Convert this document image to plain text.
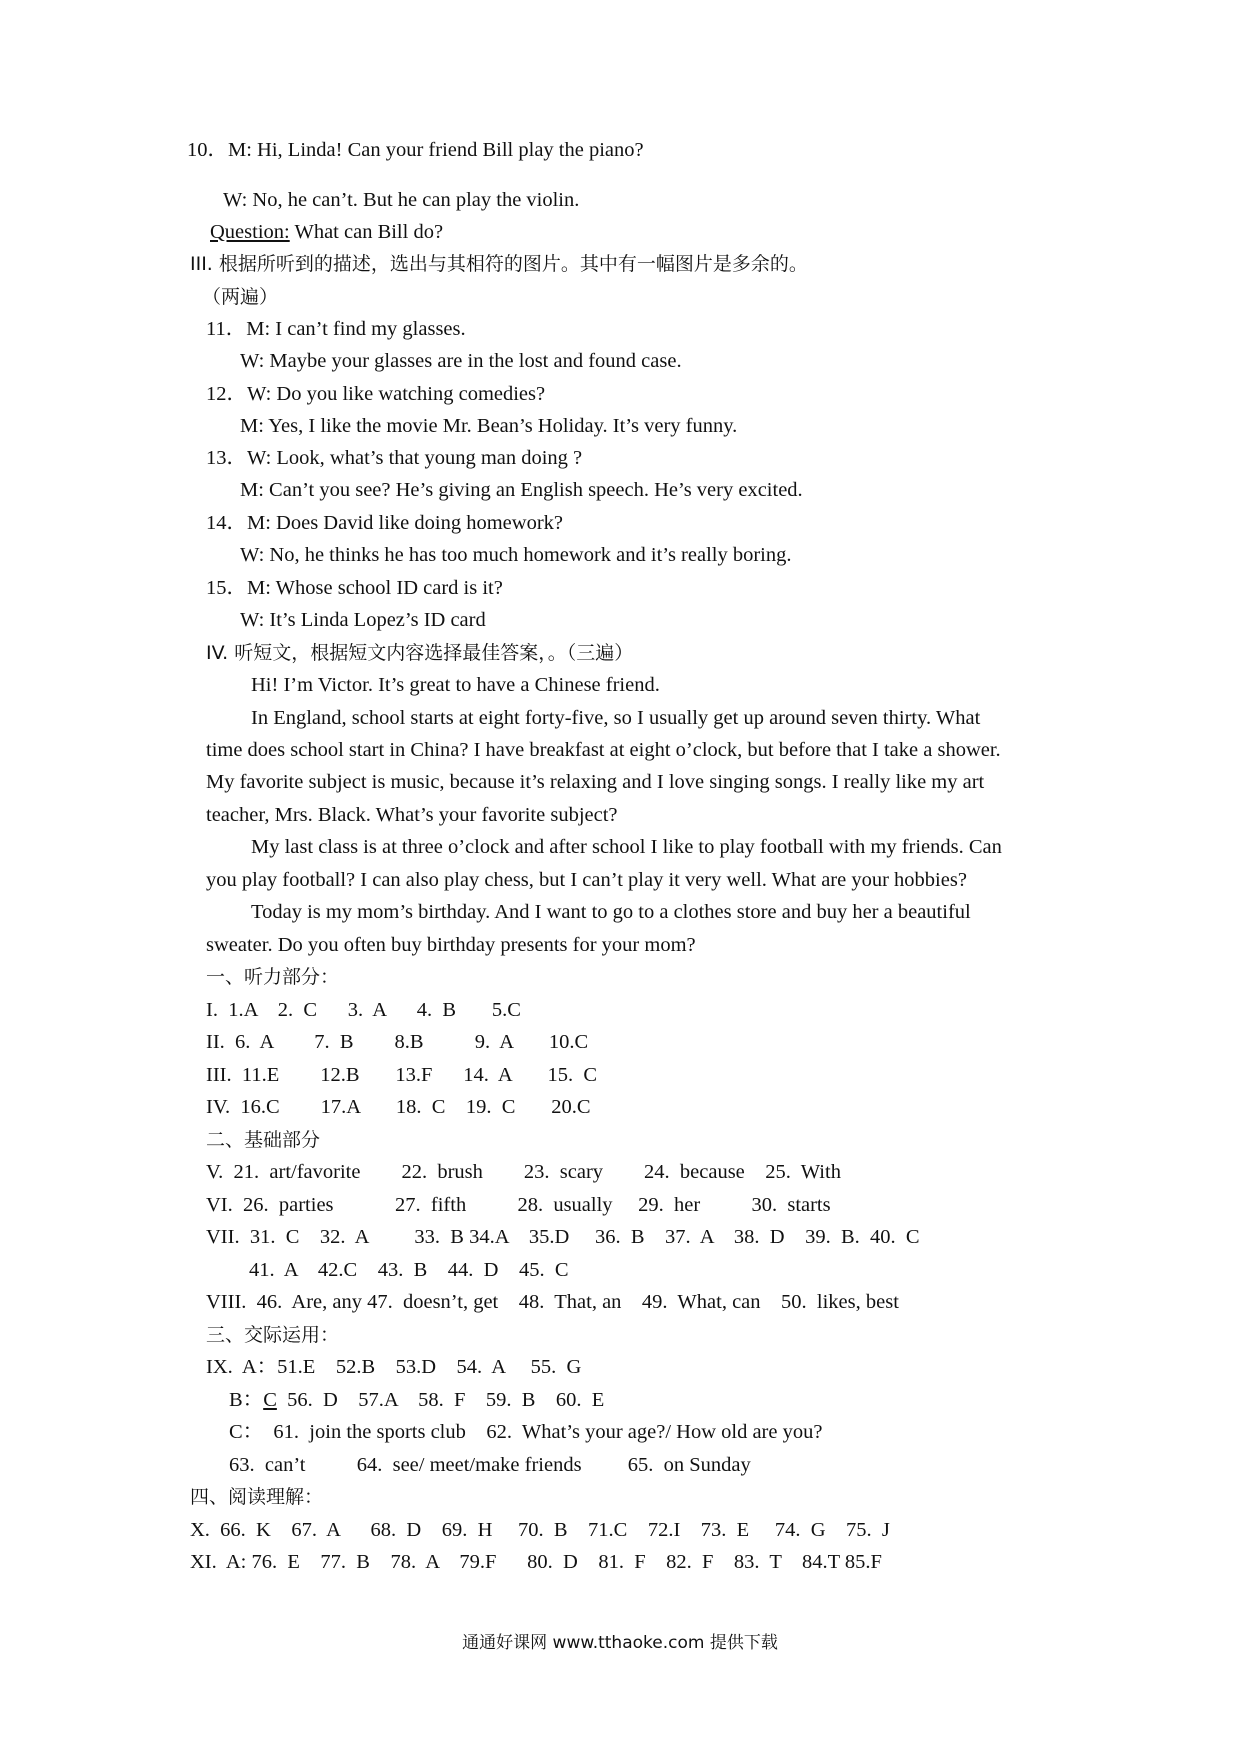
10．M: Hi, Linda! Can your friend Bill play the piano?
W: No, he can’t. But he can play the violin.
Question: What can Bill do?
III. 根据所听到的描述，选出与其相符的图片。其中有一幅图片是多余的。
（两遍）
11．M: I can’t find my glasses.
W: Maybe your glasses are in the lost and found case.
12．W: Do you like watching comedies?
M: Yes, I like the movie Mr. Bean’s Holiday. It’s very funny.
13．W: Look, what’s that young man doing ?
M: Can’t you see? He’s giving an English speech. He’s very excited.
14．M: Does David like doing homework?
W: No, he thinks he has too much homework and it’s really boring.
15．M: Whose school ID card is it?
W: It’s Linda Lopez’s ID card
IV. 听短文，根据短文内容选择最佳答案，。（三遍）
Hi! I’m Victor. It’s great to have a Chinese friend.
In England, school starts at eight forty-five, so I usually get up around seven thirty. What
time does school start in China? I have breakfast at eight o’clock, but before that I take a shower.
My favorite subject is music, because it’s relaxing and I love singing songs. I really like my art
teacher, Mrs. Black. What’s your favorite subject?
My last class is at three o’clock and after school I like to play football with my friends. Can
you play football? I can also play chess, but I can’t play it very well. What are your hobbies?
Today is my mom’s birthday. And I want to go to a clothes store and buy her a beautiful
sweater. Do you often buy birthday presents for your mom?
一、听力部分：
I.  1.A    2.  C      3.  A      4.  B       5.C
II.  6.  A        7.  B        8.B          9.  A       10.C
III.  11.E        12.B       13.F      14.  A       15.  C
IV.  16.C        17.A       18.  C    19.  C       20.C
二、基础部分
V.  21.  art/favorite        22.  brush        23.  scary        24.  because    25.  With
VI.  26.  parties            27.  fifth          28.  usually     29.  her          30.  starts
VII.  31.  C    32.  A         33.  B 34.A    35.D     36.  B    37.  A    38.  D    39.  B.  40.  C
41.  A    42.C    43.  B    44.  D    45.  C
VIII.  46.  Are, any 47.  doesn’t, get    48.  That, an    49.  What, can    50.  likes, best
三、交际运用：
IX.  A：51.E    52.B    53.D    54.  A     55.  G
B：C  56.  D    57.A    58.  F    59.  B    60.  E
C：  61.  join the sports club    62.  What’s your age?/ How old are you?
63.  can’t          64.  see/ meet/make friends         65.  on Sunday
四、阅读理解：
X.  66.  K    67.  A      68.  D    69.  H     70.  B    71.C    72.I    73.  E     74.  G    75.  J
XI.  A: 76.  E    77.  B    78.  A    79.F      80.  D    81.  F    82.  F    83.  T    84.T 85.F
通通好课网 www.tthaoke.com 提供下载
